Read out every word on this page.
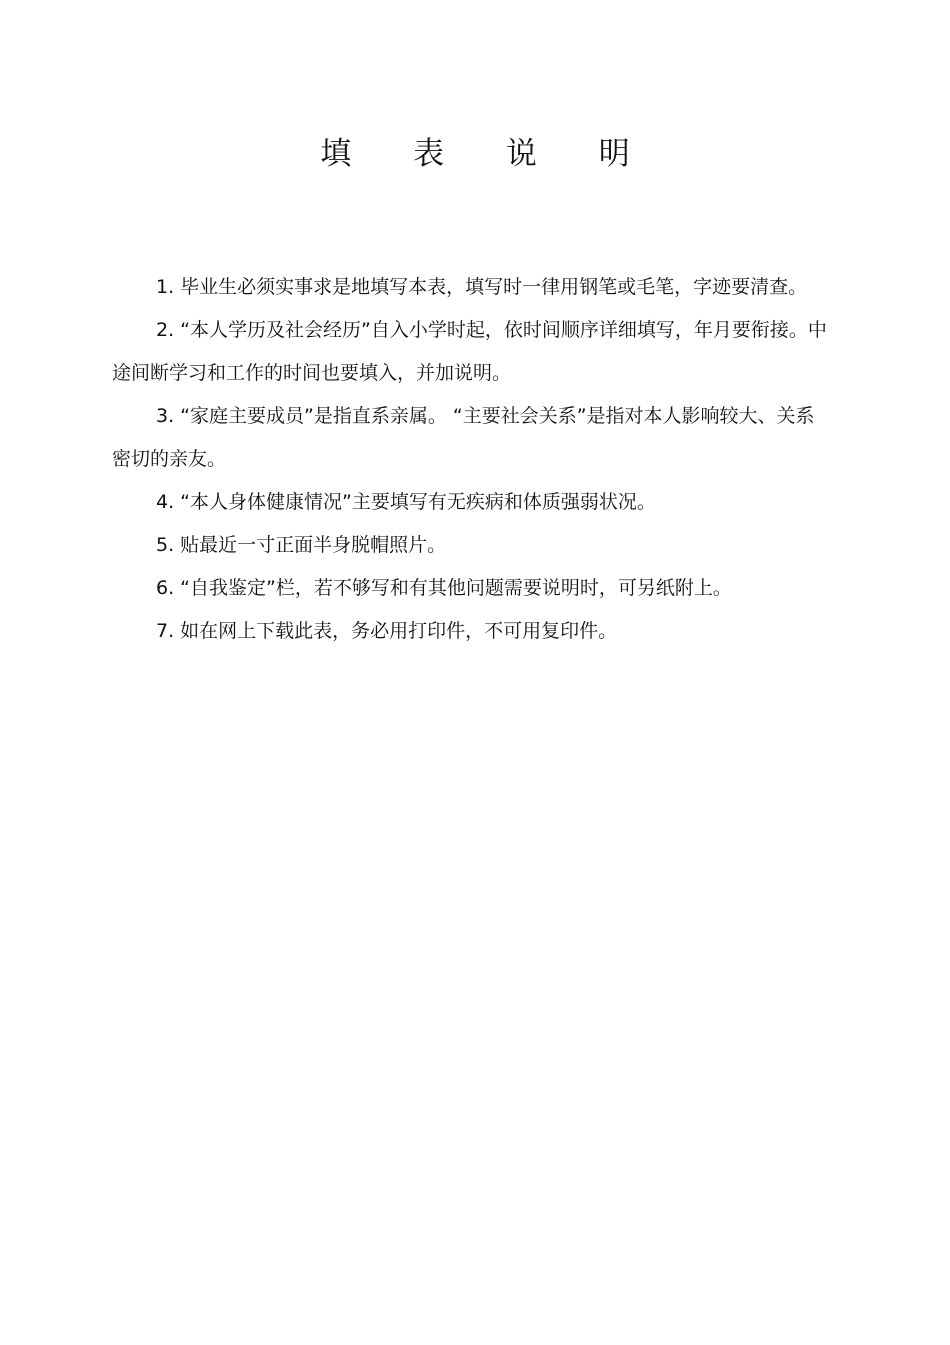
填 表 说 明

1. 毕业生必须实事求是地填写本表，填写时一律用钢笔或毛笔，字迹要清查。

2. “本人学历及社会经历”自入小学时起，依时间顺序详细填写，年月要衔接。中途间断学习和工作的时间也要填入，并加说明。

3. “家庭主要成员”是指直系亲属。 “主要社会关系”是指对本人影响较大、关系密切的亲友。

4. “本人身体健康情况”主要填写有无疾病和体质强弱状况。

5. 贴最近一寸正面半身脱帽照片。

6. “自我鉴定”栏，若不够写和有其他问题需要说明时，可另纸附上。

7. 如在网上下载此表，务必用打印件，不可用复印件。
